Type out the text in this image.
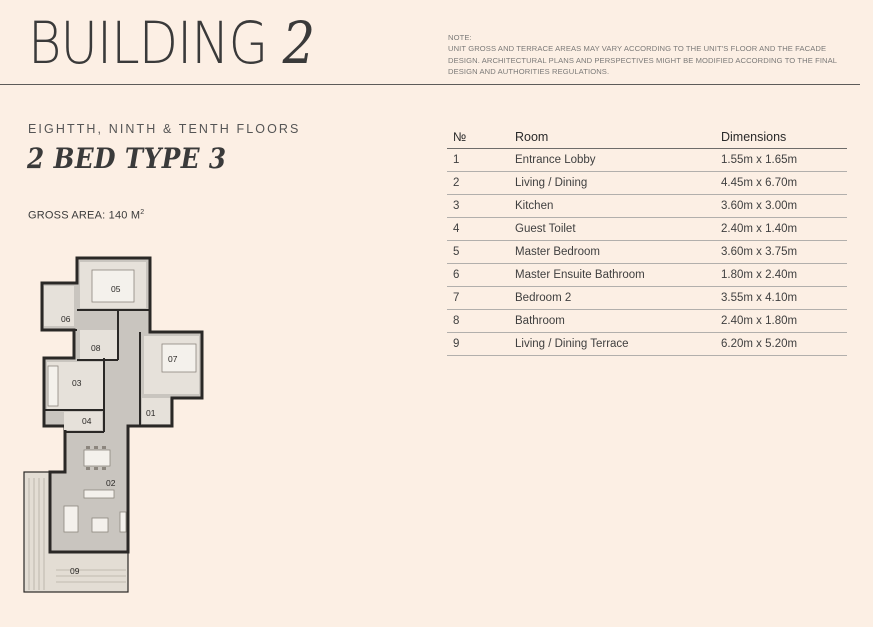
BUILDING 2	NOTE:
UNIT GROSS AND TERRACE AREAS MAY VARY ACCORDING TO THE UNIT'S FLOOR AND THE FACADE DESIGN. ARCHITECTURAL PLANS AND PERSPECTIVES MIGHT BE MODIFIED ACCORDING TO THE FINAL DESIGN AND AUTHORITIES REGULATIONS.

EIGHTTH, NINTH & TENTH FLOORS

2 BED TYPE 3
GROSS AREA: 140 $M^2$
№	Room	Dimensions
1	Entrance Lobby	1.55m x 1.65m
2	Living / Dining	4.45m x 6.70m
3	Kitchen	3.60m x 3.00m
4	Guest Toilet	2.40m x 1.40m
5	Master Bedroom	3.60m x 3.75m
6	Master Ensuite Bathroom	1.80m x 2.40m
7	Bedroom 2	3.55m x 4.10m
8	Bathroom	2.40m x 1.80m
9	Living / Dining Terrace	6.20m x 5.20m
05
06
08
07
03
01
04
02
09
